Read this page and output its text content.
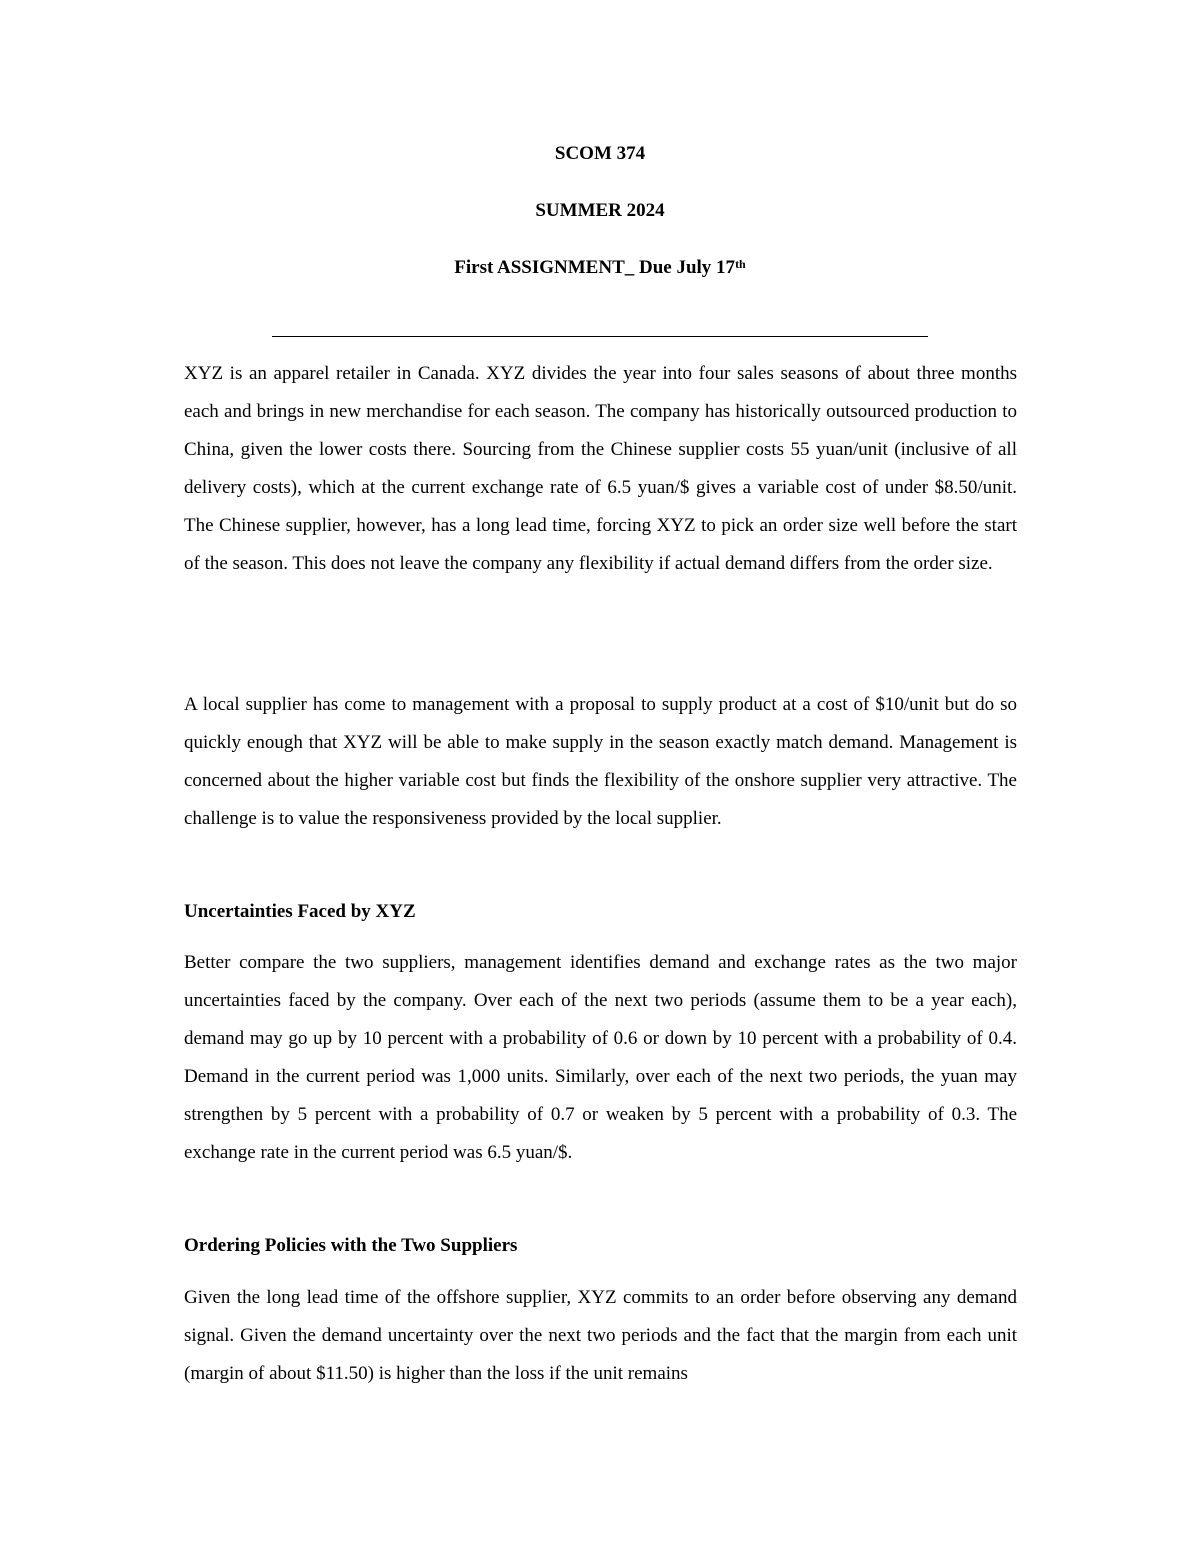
SCOM 374
SUMMER 2024
First ASSIGNMENT_ Due July 17th

XYZ is an apparel retailer in Canada. XYZ divides the year into four sales seasons of about three months each and brings in new merchandise for each season. The company has historically outsourced production to China, given the lower costs there. Sourcing from the Chinese supplier costs 55 yuan/unit (inclusive of all delivery costs), which at the current exchange rate of 6.5 yuan/$ gives a variable cost of under $8.50/unit. The Chinese supplier, however, has a long lead time, forcing XYZ to pick an order size well before the start of the season. This does not leave the company any flexibility if actual demand differs from the order size.

A local supplier has come to management with a proposal to supply product at a cost of $10/unit but do so quickly enough that XYZ will be able to make supply in the season exactly match demand. Management is concerned about the higher variable cost but finds the flexibility of the onshore supplier very attractive. The challenge is to value the responsiveness provided by the local supplier.

Uncertainties Faced by XYZ

Better compare the two suppliers, management identifies demand and exchange rates as the two major uncertainties faced by the company. Over each of the next two periods (assume them to be a year each), demand may go up by 10 percent with a probability of 0.6 or down by 10 percent with a probability of 0.4. Demand in the current period was 1,000 units. Similarly, over each of the next two periods, the yuan may strengthen by 5 percent with a probability of 0.7 or weaken by 5 percent with a probability of 0.3. The exchange rate in the current period was 6.5 yuan/$.

Ordering Policies with the Two Suppliers

Given the long lead time of the offshore supplier, XYZ commits to an order before observing any demand signal. Given the demand uncertainty over the next two periods and the fact that the margin from each unit (margin of about $11.50) is higher than the loss if the unit remains
